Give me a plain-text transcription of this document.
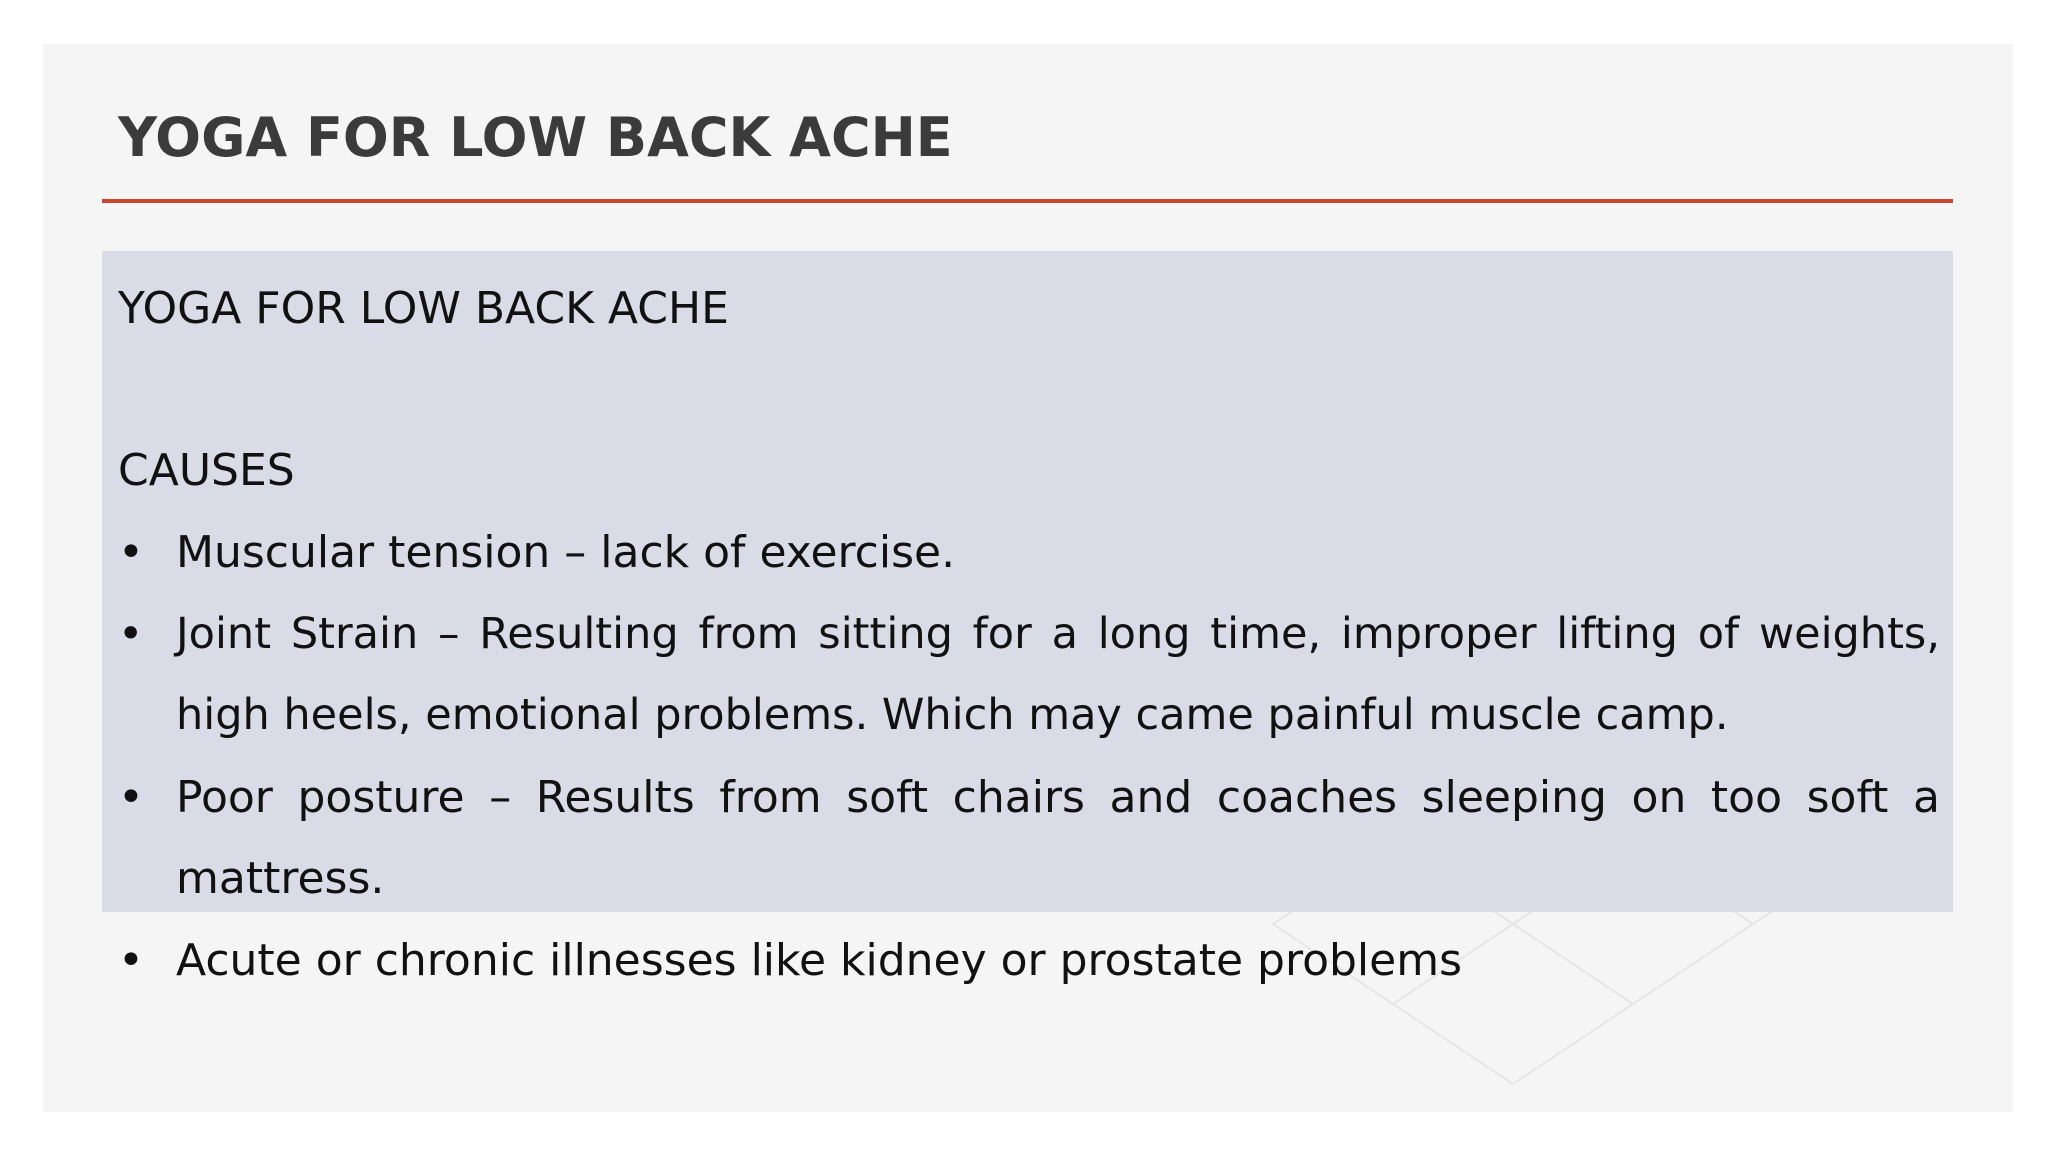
YOGA FOR LOW BACK ACHE

YOGA FOR LOW BACK ACHE

CAUSES

• Muscular tension – lack of exercise.
• Joint Strain – Resulting from sitting for a long time, improper lifting of weights, high heels, emotional problems. Which may came painful muscle camp.
• Poor posture – Results from soft chairs and coaches sleeping on too soft a mattress.
• Acute or chronic illnesses like kidney or prostate problems
